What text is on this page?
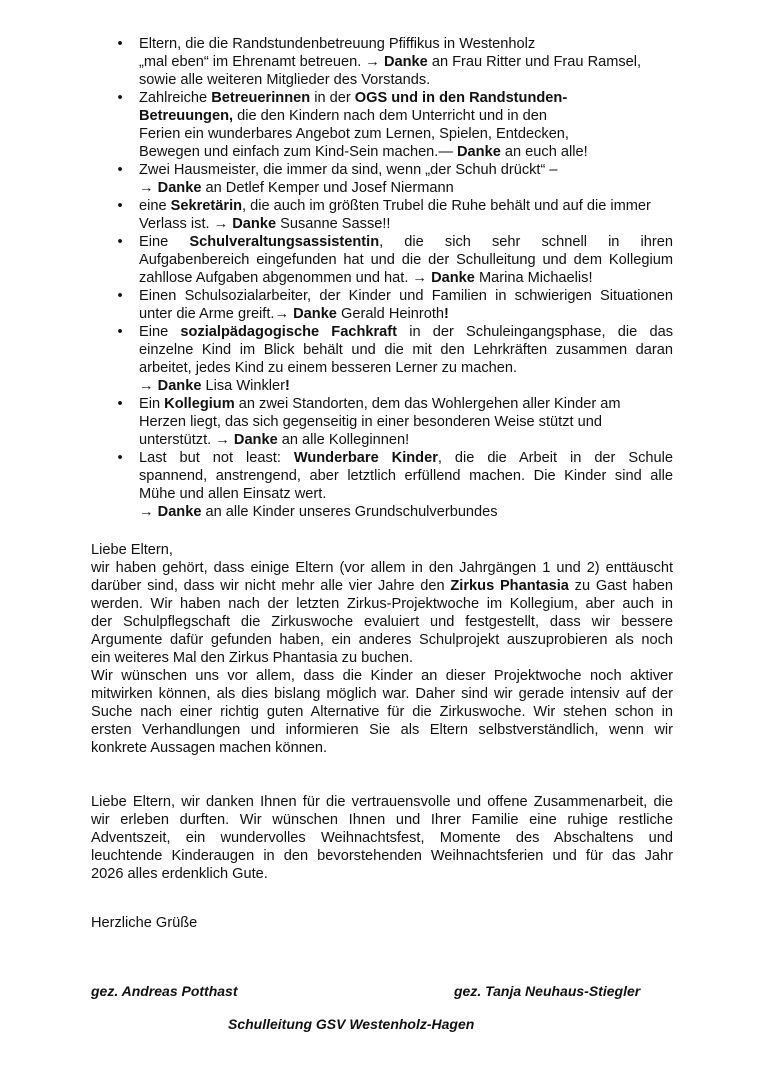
• Eltern, die die Randstundenbetreuung Pfiffikus in Westenholz
„mal eben“ im Ehrenamt betreuen. → Danke an Frau Ritter und Frau Ramsel,
sowie alle weiteren Mitglieder des Vorstands.
• Zahlreiche Betreuerinnen in der OGS und in den Randstunden-
Betreuungen, die den Kindern nach dem Unterricht und in den
Ferien ein wunderbares Angebot zum Lernen, Spielen, Entdecken,
Bewegen und einfach zum Kind-Sein machen.— Danke an euch alle!
• Zwei Hausmeister, die immer da sind, wenn „der Schuh drückt“ –
→ Danke an Detlef Kemper und Josef Niermann
• eine Sekretärin, die auch im größten Trubel die Ruhe behält und auf die immer
Verlass ist. → Danke Susanne Sasse!!
• Eine Schulveraltungsassistentin, die sich sehr schnell in ihren
Aufgabenbereich eingefunden hat und die der Schulleitung und dem Kollegium
zahllose Aufgaben abgenommen und hat. → Danke Marina Michaelis!
• Einen Schulsozialarbeiter, der Kinder und Familien in schwierigen Situationen
unter die Arme greift.→ Danke Gerald Heinroth!
• Eine sozialpädagogische Fachkraft in der Schuleingangsphase, die das
einzelne Kind im Blick behält und die mit den Lehrkräften zusammen daran
arbeitet, jedes Kind zu einem besseren Lerner zu machen.
→ Danke Lisa Winkler!
• Ein Kollegium an zwei Standorten, dem das Wohlergehen aller Kinder am
Herzen liegt, das sich gegenseitig in einer besonderen Weise stützt und
unterstützt. → Danke an alle Kolleginnen!
• Last but not least: Wunderbare Kinder, die die Arbeit in der Schule
spannend, anstrengend, aber letztlich erfüllend machen. Die Kinder sind alle
Mühe und allen Einsatz wert.
→ Danke an alle Kinder unseres Grundschulverbundes
Liebe Eltern,
wir haben gehört, dass einige Eltern (vor allem in den Jahrgängen 1 und 2) enttäuscht
darüber sind, dass wir nicht mehr alle vier Jahre den Zirkus Phantasia zu Gast haben
werden. Wir haben nach der letzten Zirkus-Projektwoche im Kollegium, aber auch in
der Schulpflegschaft die Zirkuswoche evaluiert und festgestellt, dass wir bessere
Argumente dafür gefunden haben, ein anderes Schulprojekt auszuprobieren als noch
ein weiteres Mal den Zirkus Phantasia zu buchen.
Wir wünschen uns vor allem, dass die Kinder an dieser Projektwoche noch aktiver
mitwirken können, als dies bislang möglich war. Daher sind wir gerade intensiv auf der
Suche nach einer richtig guten Alternative für die Zirkuswoche. Wir stehen schon in
ersten Verhandlungen und informieren Sie als Eltern selbstverständlich, wenn wir
konkrete Aussagen machen können.
Liebe Eltern, wir danken Ihnen für die vertrauensvolle und offene Zusammenarbeit, die
wir erleben durften. Wir wünschen Ihnen und Ihrer Familie eine ruhige restliche
Adventszeit, ein wundervolles Weihnachtsfest, Momente des Abschaltens und
leuchtende Kinderaugen in den bevorstehenden Weihnachtsferien und für das Jahr
2026 alles erdenklich Gute.
Herzliche Grüße
gez. Andreas Potthast	gez. Tanja Neuhaus-Stiegler
Schulleitung GSV Westenholz-Hagen
